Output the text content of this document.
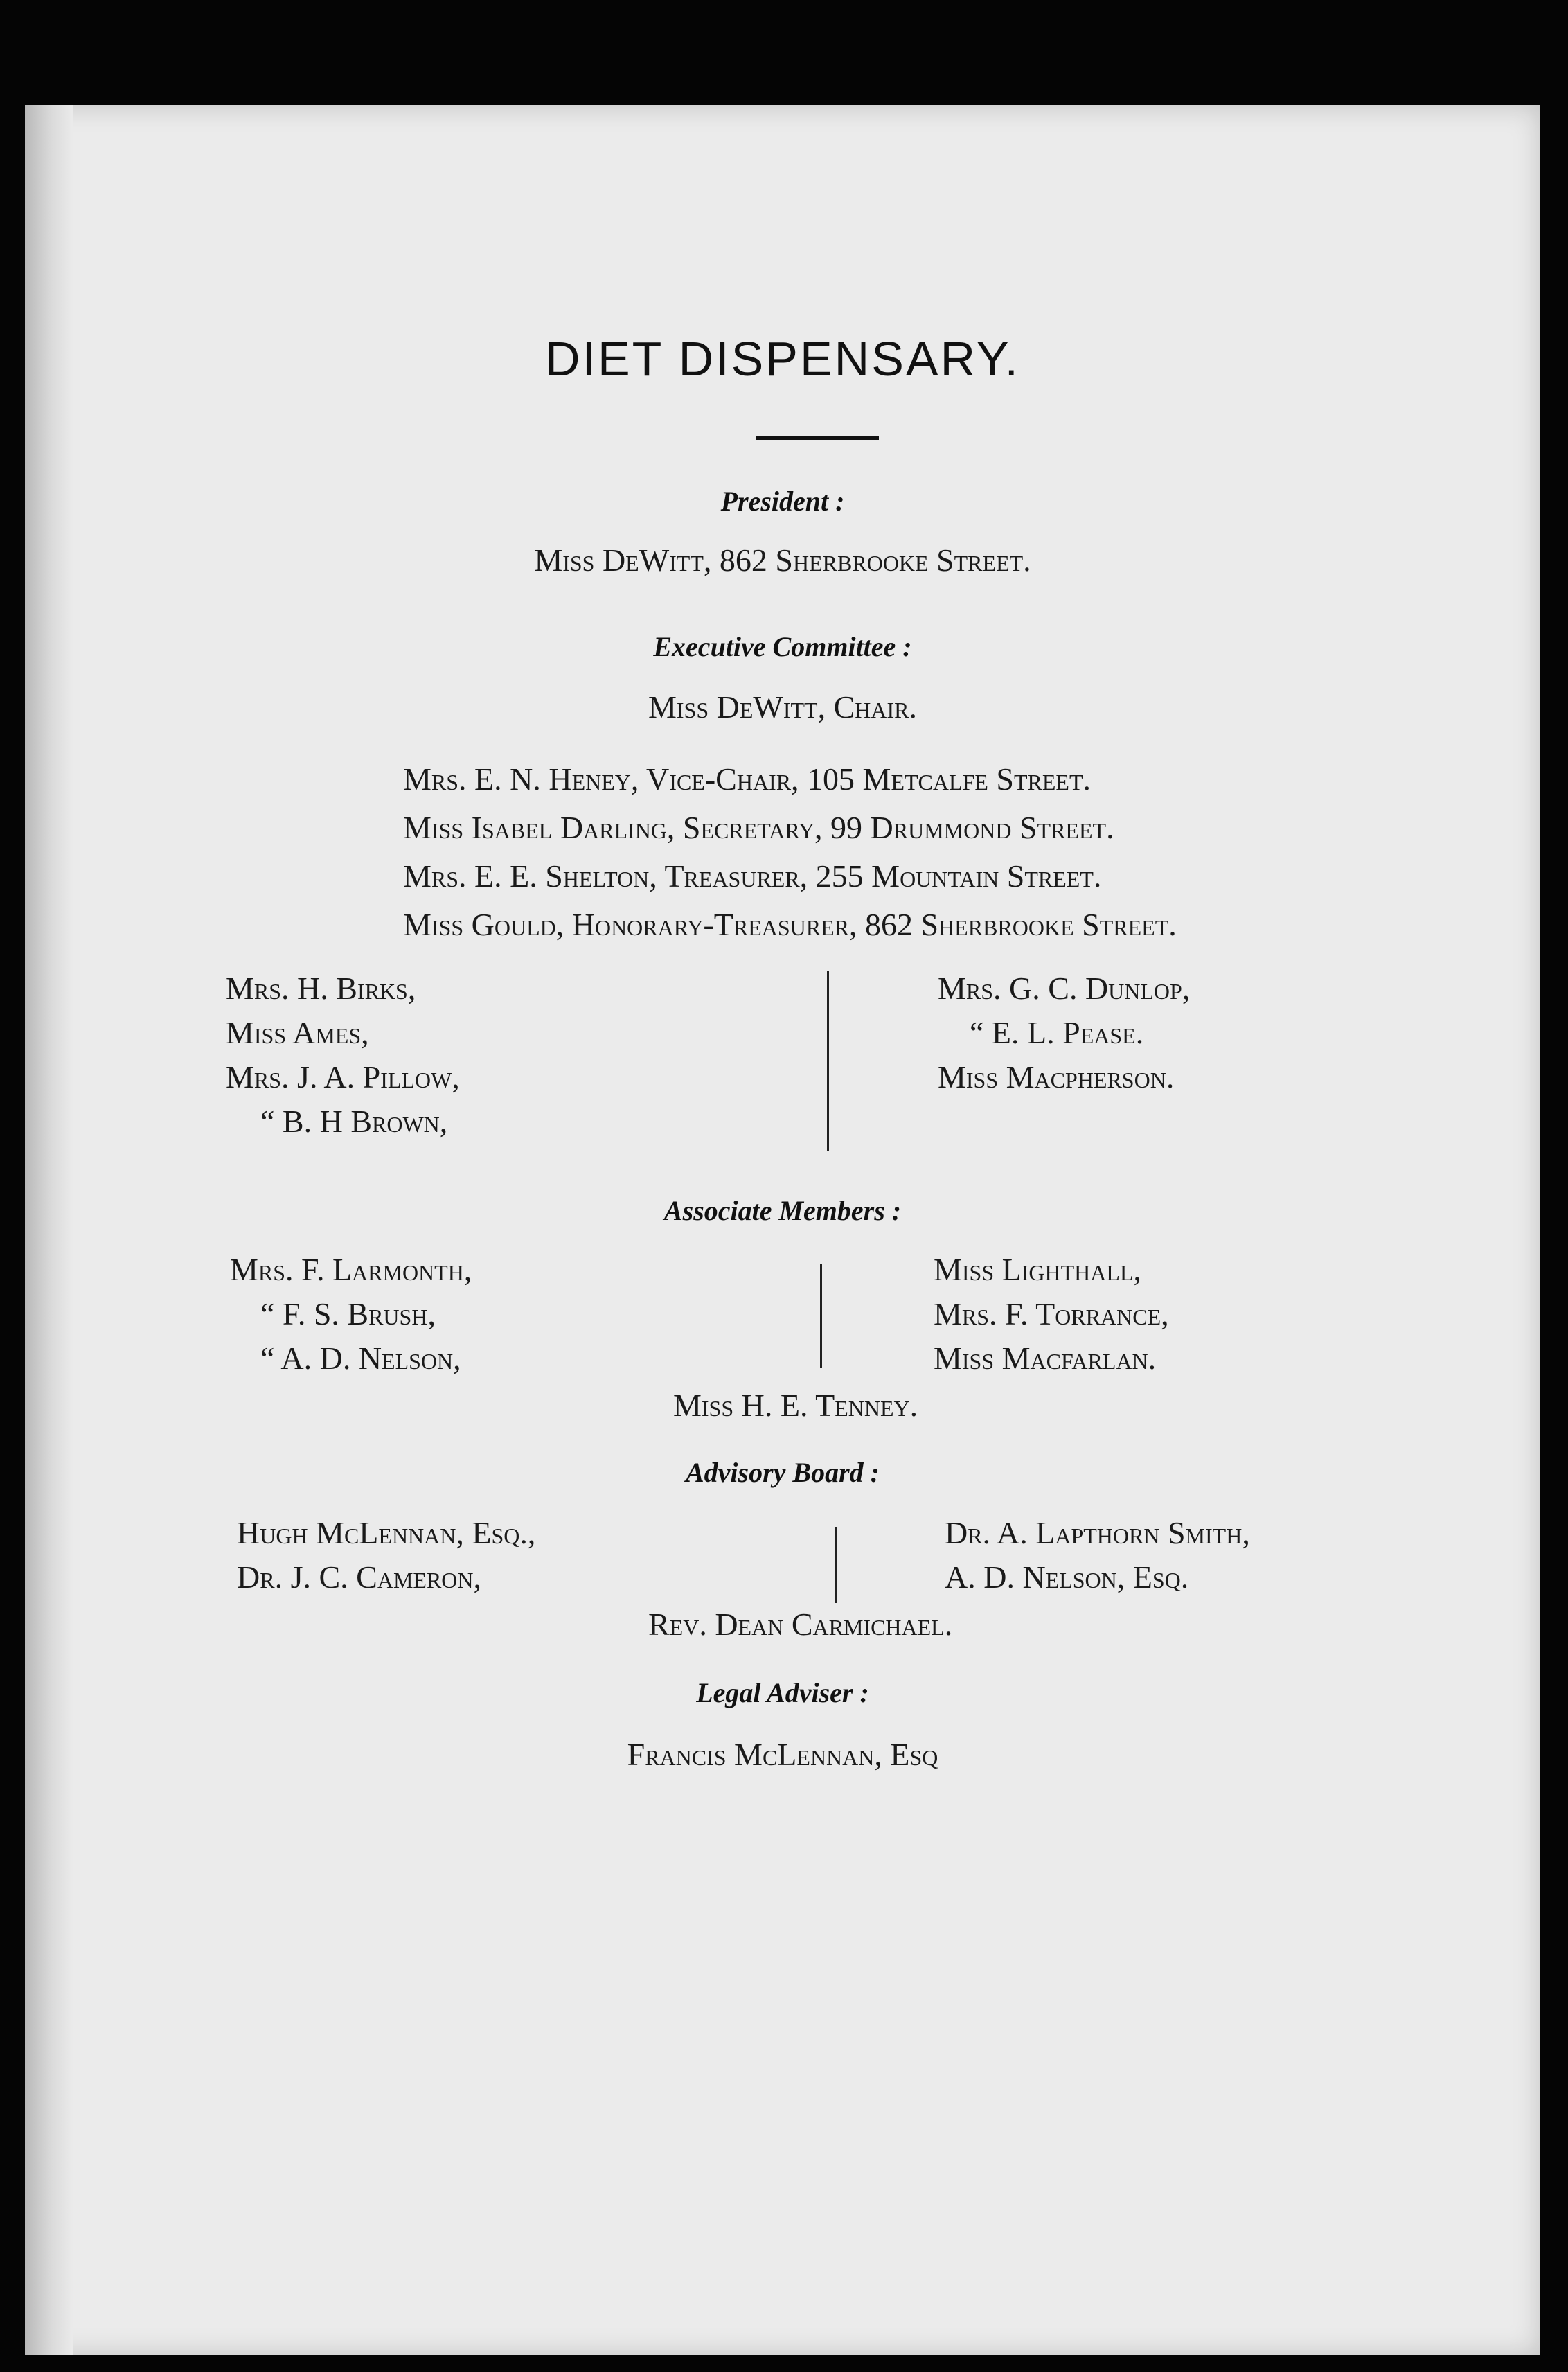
DIET DISPENSARY.
President :
Miss DeWitt, 862 Sherbrooke Street.
Executive Committee :
Miss DeWitt, Chair.
Mrs. E. N. Heney, Vice-Chair, 105 Metcalfe Street.
Miss Isabel Darling, Secretary, 99 Drummond Street.
Mrs. E. E. Shelton, Treasurer, 255 Mountain Street.
Miss Gould, Honorary-Treasurer, 862 Sherbrooke Street.
Mrs. H. Birks,
Miss Ames,
Mrs. J. A. Pillow,
“ B. H Brown,
Mrs. G. C. Dunlop,
“ E. L. Pease.
Miss Macpherson.
Associate Members :
Mrs. F. Larmonth,
“ F. S. Brush,
“ A. D. Nelson,
Miss Lighthall,
Mrs. F. Torrance,
Miss Macfarlan.
Miss H. E. Tenney.
Advisory Board :
Hugh McLennan, Esq.,
Dr. J. C. Cameron,
Dr. A. Lapthorn Smith,
A. D. Nelson, Esq.
Rev. Dean Carmichael.
Legal Adviser :
Francis McLennan, Esq
